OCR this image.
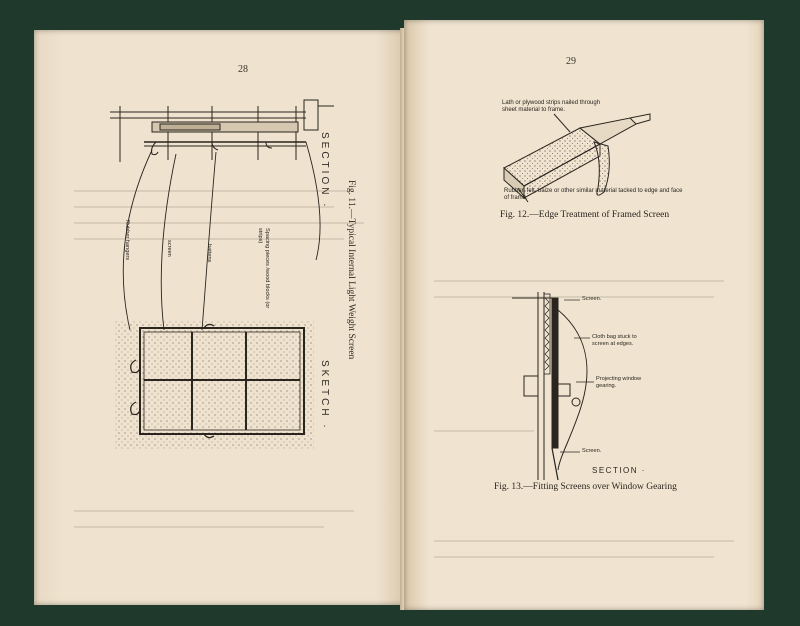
28
Rubber hangers	screen	battens	Spacing pieces /wood blocks (or strips)
SECTION ·
Fig. 11.—Typical Internal Light Weight Screen
SKETCH ·
29
Lath or plywood strips nailed through sheet material to frame.
Rubber, felt, baize or other similar material tacked to edge and face of frame.
Fig. 12.—Edge Treatment of Framed Screen
Screen.
Cloth bag stuck to screen at edges.
Projecting window gearing.
Screen.
SECTION ·
Fig. 13.—Fitting Screens over Window Gearing
